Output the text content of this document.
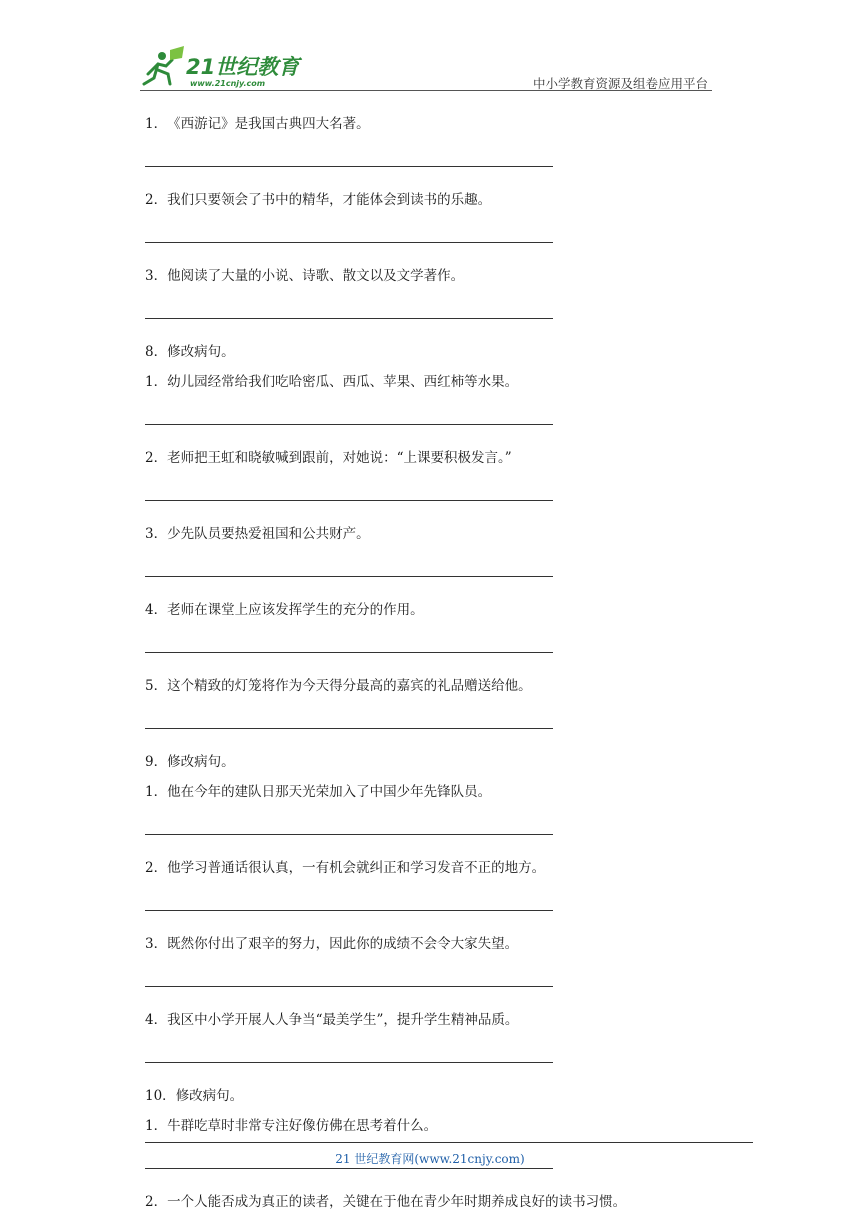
21世纪教育
www.21cnjy.com	中小学教育资源及组卷应用平台
1．《西游记》是我国古典四大名著。
2．我们只要领会了书中的精华，才能体会到读书的乐趣。
3．他阅读了大量的小说、诗歌、散文以及文学著作。
8．修改病句。
1．幼儿园经常给我们吃哈密瓜、西瓜、苹果、西红柿等水果。
2．老师把王虹和晓敏喊到跟前，对她说：“上课要积极发言。”
3．少先队员要热爱祖国和公共财产。
4．老师在课堂上应该发挥学生的充分的作用。
5．这个精致的灯笼将作为今天得分最高的嘉宾的礼品赠送给他。
9．修改病句。
1．他在今年的建队日那天光荣加入了中国少年先锋队员。
2．他学习普通话很认真，一有机会就纠正和学习发音不正的地方。
3．既然你付出了艰辛的努力，因此你的成绩不会令大家失望。
4．我区中小学开展人人争当“最美学生”，提升学生精神品质。
10．修改病句。
1．牛群吃草时非常专注好像仿佛在思考着什么。
2．一个人能否成为真正的读者，关键在于他在青少年时期养成良好的读书习惯。
21 世纪教育网(www.21cnjy.com)
